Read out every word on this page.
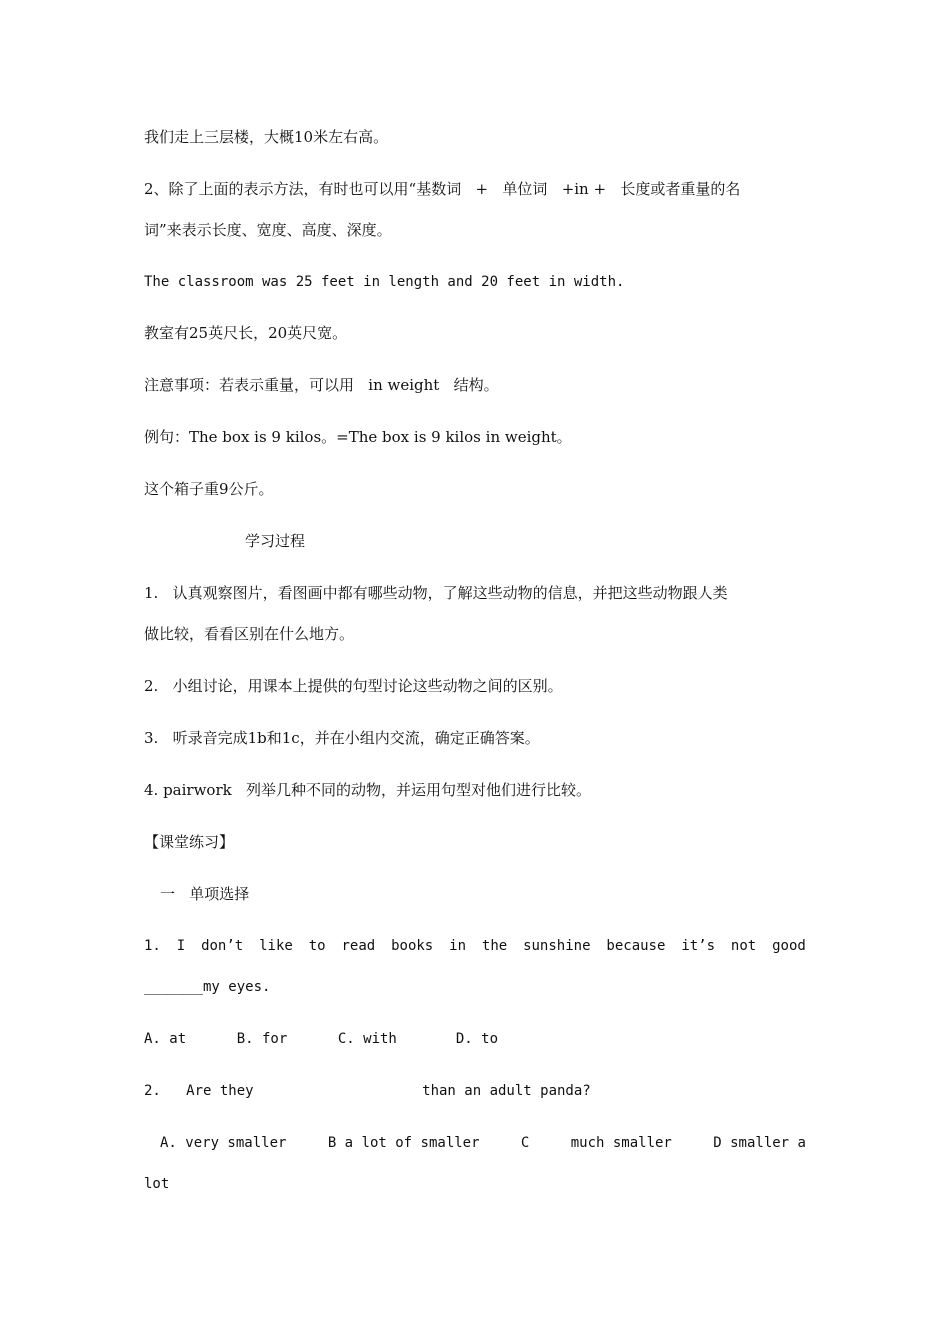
我们走上三层楼，大概10米左右高。
2、除了上面的表示方法，有时也可以用“基数词   +   单位词   +in +   长度或者重量的名
词”来表示长度、宽度、高度、深度。
The classroom was 25 feet in length and 20 feet in width.
教室有25英尺长，20英尺宽。
注意事项：若表示重量，可以用   in weight   结构。
例句：The box is 9 kilos。=The box is 9 kilos in weight。
这个箱子重9公斤。
学习过程
1.   认真观察图片，看图画中都有哪些动物，了解这些动物的信息，并把这些动物跟人类
做比较，看看区别在什么地方。
2.   小组讨论，用课本上提供的句型讨论这些动物之间的区别。
3.   听录音完成1b和1c，并在小组内交流，确定正确答案。
4. pairwork   列举几种不同的动物，并运用句型对他们进行比较。
【课堂练习】
一   单项选择
1. I don’t like to read books in the sunshine because it’s not good
_______my eyes.
A. at      B. for      C. with       D. to
2.   Are they                    than an adult panda?
A. very smaller	B a lot of smaller	C	much smaller	D smaller a
lot
